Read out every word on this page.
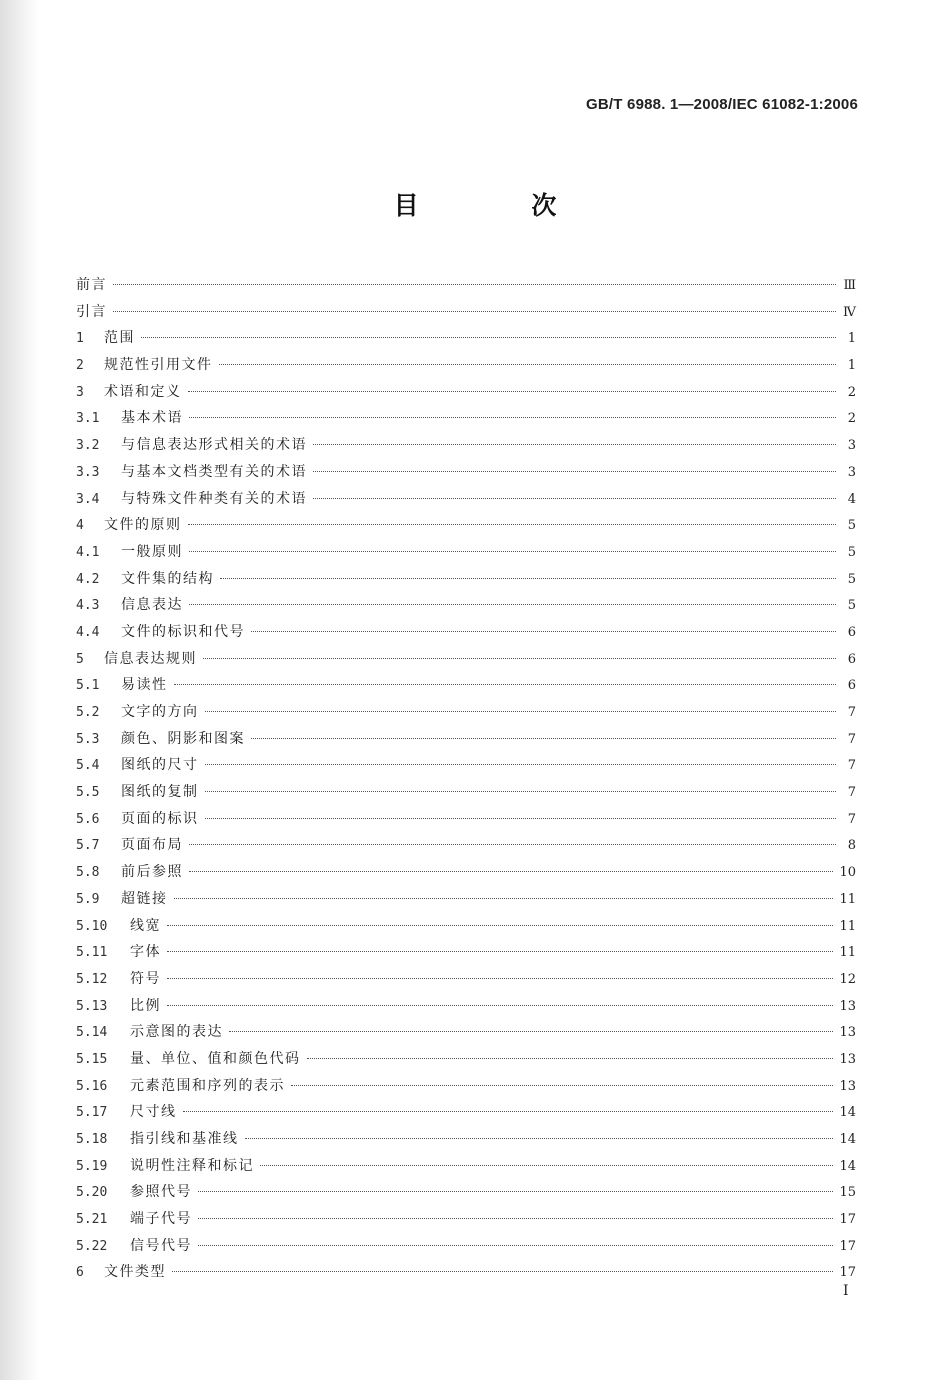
GB/T 6988. 1—2008/IEC 61082-1:2006
目 次
前言	Ⅲ
引言	Ⅳ
1	范围	1
2	规范性引用文件	1
3	术语和定义	2
3.1	基本术语	2
3.2	与信息表达形式相关的术语	3
3.3	与基本文档类型有关的术语	3
3.4	与特殊文件种类有关的术语	4
4	文件的原则	5
4.1	一般原则	5
4.2	文件集的结构	5
4.3	信息表达	5
4.4	文件的标识和代号	6
5	信息表达规则	6
5.1	易读性	6
5.2	文字的方向	7
5.3	颜色、阴影和图案	7
5.4	图纸的尺寸	7
5.5	图纸的复制	7
5.6	页面的标识	7
5.7	页面布局	8
5.8	前后参照	10
5.9	超链接	11
5.10	线宽	11
5.11	字体	11
5.12	符号	12
5.13	比例	13
5.14	示意图的表达	13
5.15	量、单位、值和颜色代码	13
5.16	元素范围和序列的表示	13
5.17	尺寸线	14
5.18	指引线和基准线	14
5.19	说明性注释和标记	14
5.20	参照代号	15
5.21	端子代号	17
5.22	信号代号	17
6	文件类型	17
I
